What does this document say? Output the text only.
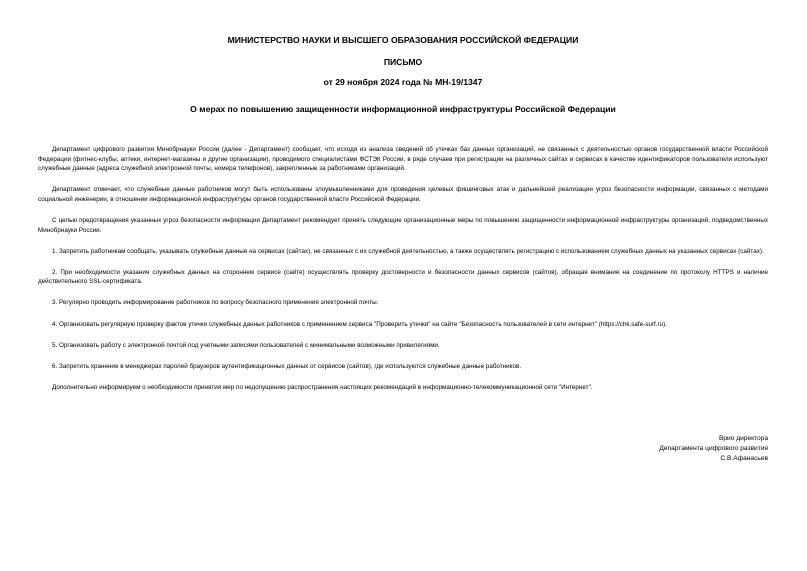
МИНИСТЕРСТВО НАУКИ И ВЫСШЕГО ОБРАЗОВАНИЯ РОССИЙСКОЙ ФЕДЕРАЦИИ
ПИСЬМО
от 29 ноября 2024 года № МН-19/1347
О мерах по повышению защищенности информационной инфраструктуры Российской Федерации

Департамент цифрового развития Минобрнауки России (далее - Департамент) сообщает, что исходя из анализа сведений об утечках баз данных организаций, не связанных с деятельностью органов государственной власти Российской Федерации (фитнес-клубы, аптеки, интернет-магазины и другие организации), проводимого специалистами ФСТЭК России, в ряде случаев при регистрации на различных сайтах и сервисах в качестве идентификаторов пользователи используют служебные данные (адреса служебной электронной почты, номера телефонов), закрепленные за работниками организаций.

Департамент отмечает, что служебные данные работников могут быть использованы злоумышленниками для проведения целевых фишинговых атак и дальнейшей реализации угроз безопасности информации, связанных с методами социальной инженерии, в отношении информационной инфраструктуры органов государственной власти Российской Федерации.

С целью предотвращения указанных угроз безопасности информации Департамент рекомендует принять следующие организационные меры по повышению защищенности информационной инфраструктуры организаций, подведомственных Минобрнауки России.

1. Запретить работникам сообщать, указывать служебные данные на сервисах (сайтах), не связанных с их служебной деятельностью, а также осуществлять регистрацию с использованием служебных данных на указанных сервисах (сайтах).

2. При необходимости указания служебных данных на стороннем сервисе (сайте) осуществлять проверку достоверности и безопасности данных сервисов (сайтов), обращая внимание на соединение по протоколу HTTPS и наличие действительного SSL-сертификата.

3. Регулярно проводить информирование работников по вопросу безопасного применения электронной почты.

4. Организовать регулярную проверку фактов утечки служебных данных работников с применением сервиса "Проверить утечки" на сайте "Безопасность пользователей в сети интернет" (https://chk.safe-surf.ru).

5. Организовать работу с электронной почтой под учетными записями пользователей с минимальными возможными привилегиями.

6. Запретить хранение в менеджерах паролей браузеров аутентификационных данных от сервисов (сайтов), где используются служебные данные работников.

Дополнительно информируем о необходимости принятия мер по недопущению распространения настоящих рекомендаций в информационно-телекоммуникационной сети "Интернет".

Врио директора
Департамента цифрового развития
С.В.Афанасьев
